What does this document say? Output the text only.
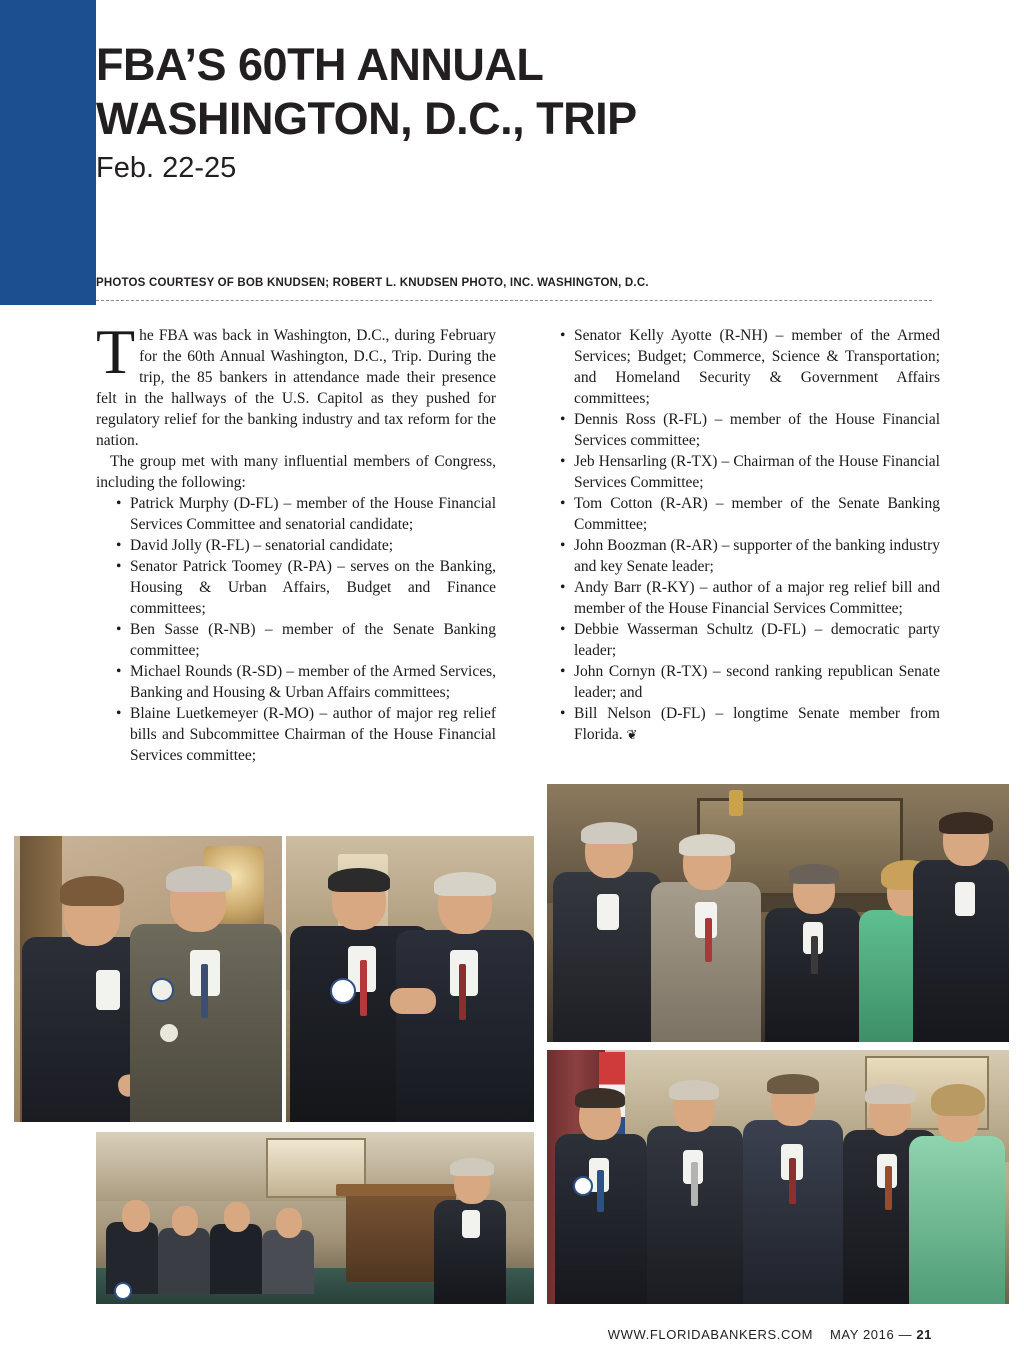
FBA’S 60TH ANNUAL
WASHINGTON, D.C., TRIP
Feb. 22-25
PHOTOS COURTESY OF BOB KNUDSEN; ROBERT L. KNUDSEN PHOTO, INC. WASHINGTON, D.C.
T he FBA was back in Washington, D.C., during February for the 60th Annual Washington, D.C., Trip. During the trip, the 85 bankers in attendance made their presence felt in the hallways of the U.S. Capitol as they pushed for regulatory relief for the banking industry and tax reform for the nation.

The group met with many influential members of Congress, including the following:

• Patrick Murphy (D-FL) – member of the House Financial Services Committee and senatorial candidate;
• David Jolly (R-FL) – senatorial candidate;
• Senator Patrick Toomey (R-PA) – serves on the Banking, Housing & Urban Affairs, Budget and Finance committees;
• Ben Sasse (R-NB) – member of the Senate Banking committee;
• Michael Rounds (R-SD) – member of the Armed Services, Banking and Housing & Urban Affairs committees;
• Blaine Luetkemeyer (R-MO) – author of major reg relief bills and Subcommittee Chairman of the House Financial Services committee;
• Senator Kelly Ayotte (R-NH) – member of the Armed Services; Budget; Commerce, Science & Transportation; and Homeland Security & Government Affairs committees;
• Dennis Ross (R-FL) – member of the House Financial Services committee;
• Jeb Hensarling (R-TX) – Chairman of the House Financial Services Committee;
• Tom Cotton (R-AR) – member of the Senate Banking Committee;
• John Boozman (R-AR) – supporter of the banking industry and key Senate leader;
• Andy Barr (R-KY) – author of a major reg relief bill and member of the House Financial Services Committee;
• Debbie Wasserman Schultz (D-FL) – democratic party leader;
• John Cornyn (R-TX) – second ranking republican Senate leader; and
• Bill Nelson (D-FL) – longtime Senate member from Florida. ❦
WWW.FLORIDABANKERS.COM MAY 2016 — 21
